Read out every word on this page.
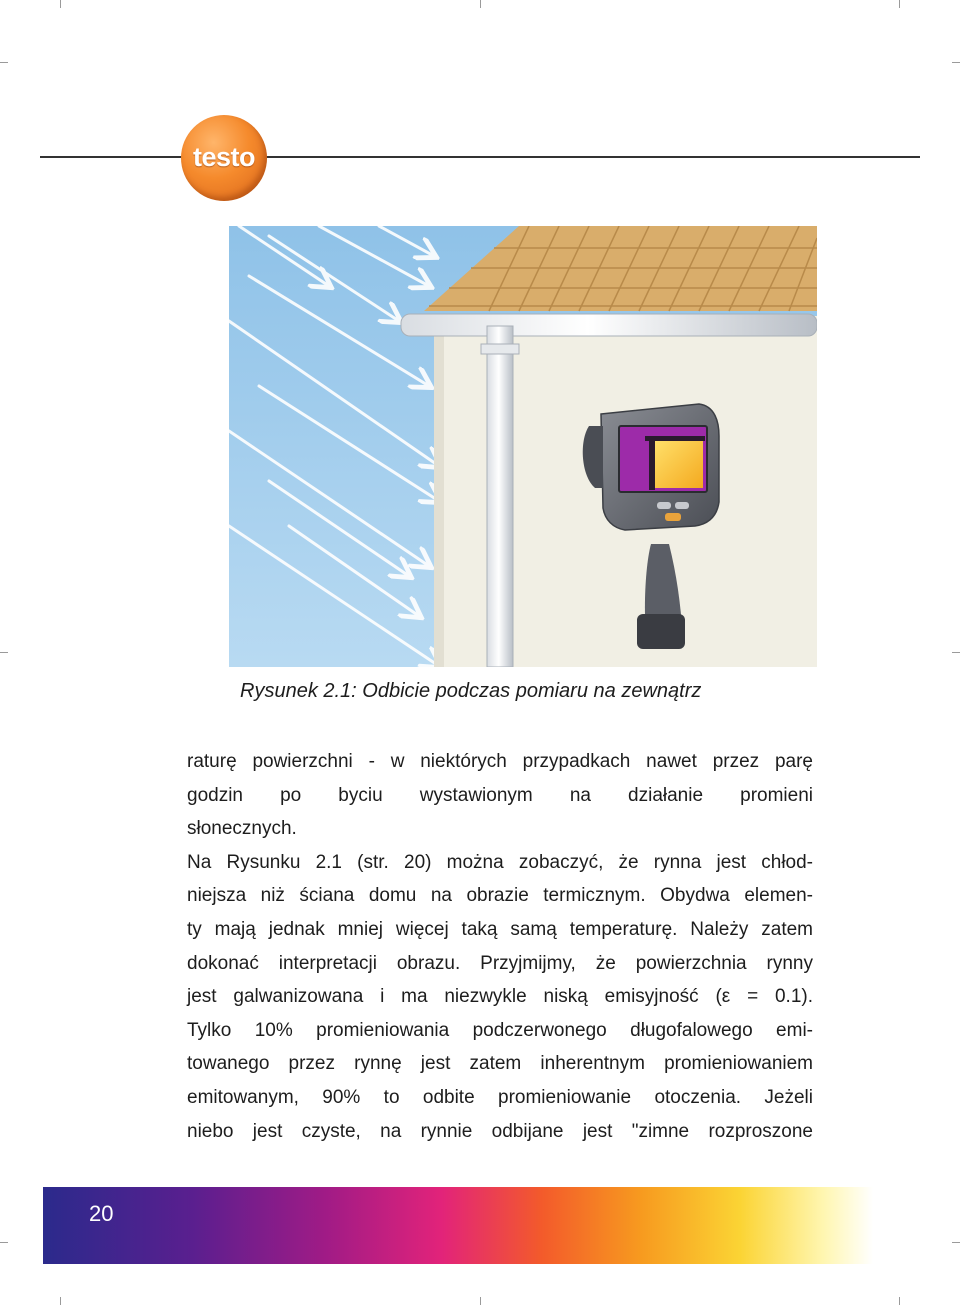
testo
Rysunek 2.1: Odbicie podczas pomiaru na zewnątrz

raturę powierzchni - w niektórych przypadkach nawet przez parę

godzin po byciu wystawionym na działanie promieni

słonecznych.

Na Rysunku 2.1 (str. 20) można zobaczyć, że rynna jest chłod-

niejsza niż ściana domu na obrazie termicznym. Obydwa elemen-

ty mają jednak mniej więcej taką samą temperaturę. Należy zatem

dokonać interpretacji obrazu. Przyjmijmy, że powierzchnia rynny

jest galwanizowana i ma niezwykle niską emisyjność (ε = 0.1).

Tylko 10% promieniowania podczerwonego długofalowego emi-

towanego przez rynnę jest zatem inherentnym promieniowaniem

emitowanym, 90% to odbite promieniowanie otoczenia. Jeżeli

niebo jest czyste, na rynnie odbijane jest "zimne rozproszone

20
